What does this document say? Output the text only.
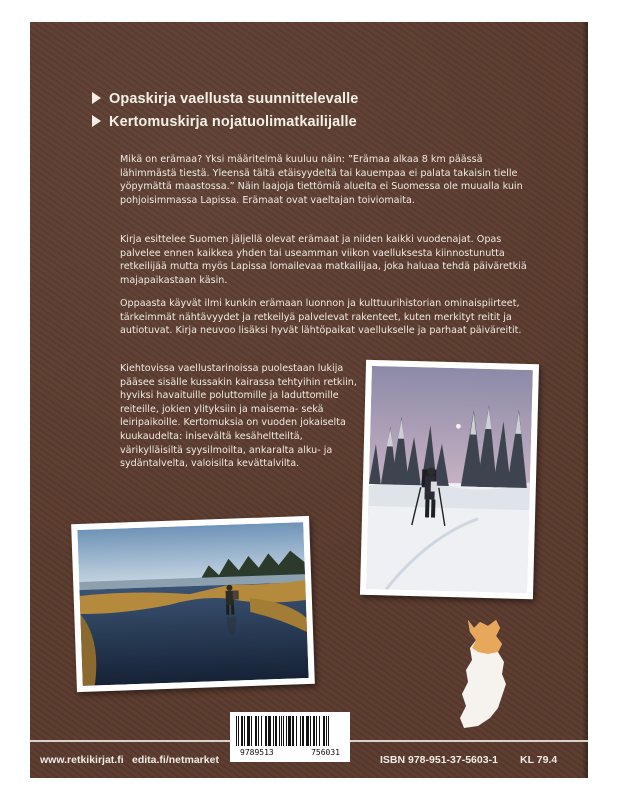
Opaskirja vaellusta suunnittelevalle
Kertomuskirja nojatuolimatkailijalle
Mikä on erämaa? Yksi määritelmä kuuluu näin: ”Erämaa alkaa 8 km päässä lähimmästä tiestä. Yleensä tältä etäisyydeltä tai kauempaa ei palata takaisin tielle yöpymättä maastossa.” Näin laajoja tiettömiä alueita ei Suomessa ole muualla kuin pohjoisimmassa Lapissa. Erämaat ovat vaeltajan toiviomaita.
Kirja esittelee Suomen jäljellä olevat erämaat ja niiden kaikki vuodenajat. Opas palvelee ennen kaikkea yhden tai useamman viikon vaelluksesta kiinnostunutta retkeilijää mutta myös Lapissa lomailevaa matkailijaa, joka haluaa tehdä päiväretkiä majapaikastaan käsin.
Oppaasta käyvät ilmi kunkin erämaan luonnon ja kulttuurihistorian ominaispiirteet, tärkeimmät nähtävyydet ja retkeilyä palvelevat rakenteet, kuten merkityt reitit ja autiotuvat. Kirja neuvoo lisäksi hyvät lähtöpaikat vaellukselle ja parhaat päiväreitit.
Kiehtovissa vaellustarinoissa puolestaan lukija pääsee sisälle kussakin kairassa tehtyihin retkiin, hyviksi havaituille poluttomille ja laduttomille reiteille, jokien ylityksiin ja maisema- sekä leiripaikoille. Kertomuksia on vuoden jokaiselta kuukaudelta: inisevältä kesäheltteiltä, värikylläisiltä syysilmoilta, ankaralta alku- ja sydäntalvelta, valoisilta kevättalvilta.
9789513	756031
www.retkikirjat.fi edita.fi/netmarket	ISBN 978-951-37-5603-1 KL 79.4
